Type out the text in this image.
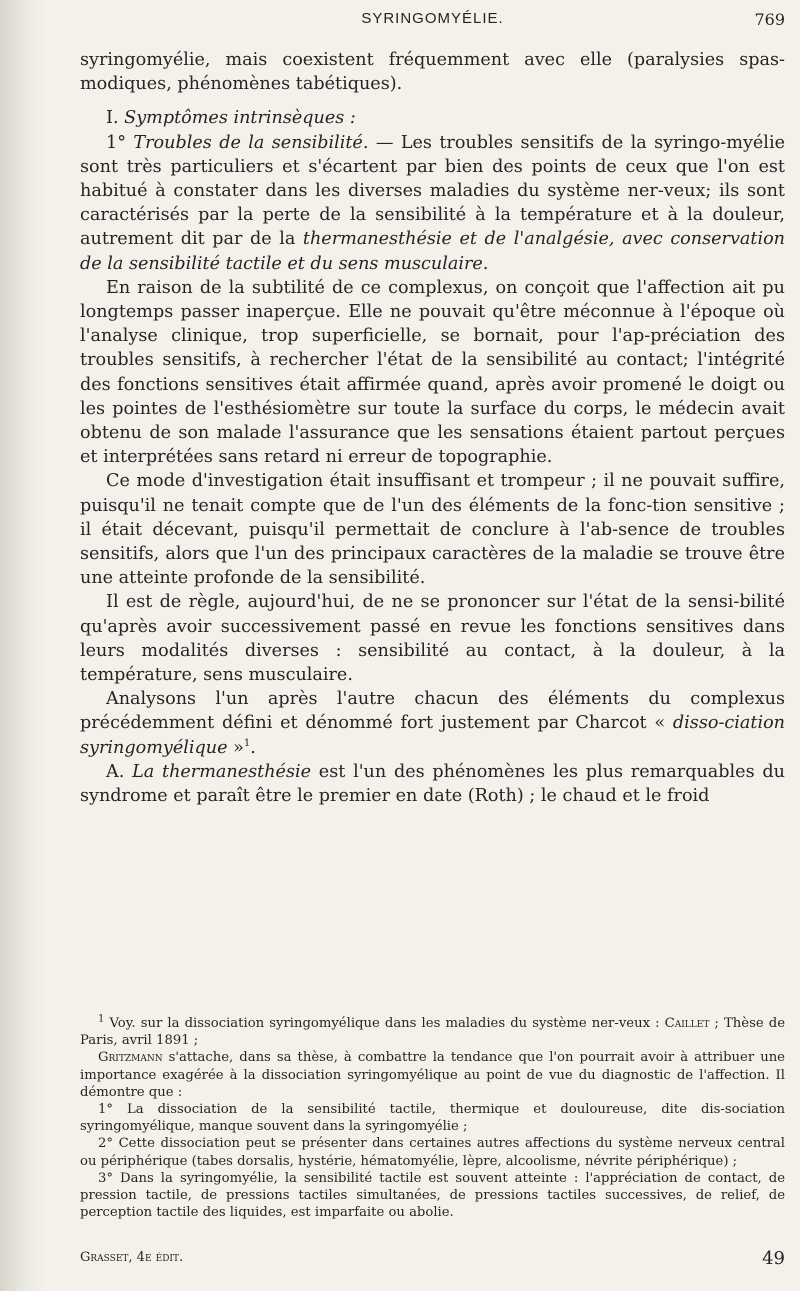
SYRINGOMYÉLIE.	769

syringomyélie, mais coexistent fréquemment avec elle (paralysies spas-modiques, phénomènes tabétiques).

I. Symptômes intrinsèques :

1° Troubles de la sensibilité. — Les troubles sensitifs de la syringo-myélie sont très particuliers et s'écartent par bien des points de ceux que l'on est habitué à constater dans les diverses maladies du système ner-veux; ils sont caractérisés par la perte de la sensibilité à la température et à la douleur, autrement dit par de la thermanesthésie et de l'analgésie, avec conservation de la sensibilité tactile et du sens musculaire.

En raison de la subtilité de ce complexus, on conçoit que l'affection ait pu longtemps passer inaperçue. Elle ne pouvait qu'être méconnue à l'époque où l'analyse clinique, trop superficielle, se bornait, pour l'ap-préciation des troubles sensitifs, à rechercher l'état de la sensibilité au contact; l'intégrité des fonctions sensitives était affirmée quand, après avoir promené le doigt ou les pointes de l'esthésiomètre sur toute la surface du corps, le médecin avait obtenu de son malade l'assurance que les sensations étaient partout perçues et interprétées sans retard ni erreur de topographie.

Ce mode d'investigation était insuffisant et trompeur ; il ne pouvait suffire, puisqu'il ne tenait compte que de l'un des éléments de la fonc-tion sensitive ; il était décevant, puisqu'il permettait de conclure à l'ab-sence de troubles sensitifs, alors que l'un des principaux caractères de la maladie se trouve être une atteinte profonde de la sensibilité.

Il est de règle, aujourd'hui, de ne se prononcer sur l'état de la sensi-bilité qu'après avoir successivement passé en revue les fonctions sensitives dans leurs modalités diverses : sensibilité au contact, à la douleur, à la température, sens musculaire.

Analysons l'un après l'autre chacun des éléments du complexus précédemment défini et dénommé fort justement par Charcot « disso-ciation syringomyélique »$^1$.

A. La thermanesthésie est l'un des phénomènes les plus remarquables du syndrome et paraît être le premier en date (Roth) ; le chaud et le froid

$^1$ Voy. sur la dissociation syringomyélique dans les maladies du système ner-veux : Caillet ; Thèse de Paris, avril 1891 ;

Gritzmann s'attache, dans sa thèse, à combattre la tendance que l'on pourrait avoir à attribuer une importance exagérée à la dissociation syringomyélique au point de vue du diagnostic de l'affection. Il démontre que :

1° La dissociation de la sensibilité tactile, thermique et douloureuse, dite dis-sociation syringomyélique, manque souvent dans la syringomyélie ;

2° Cette dissociation peut se présenter dans certaines autres affections du système nerveux central ou périphérique (tabes dorsalis, hystérie, hématomyélie, lèpre, alcoolisme, névrite périphérique) ;

3° Dans la syringomyélie, la sensibilité tactile est souvent atteinte : l'appréciation de contact, de pression tactile, de pressions tactiles simultanées, de pressions tactiles successives, de relief, de perception tactile des liquides, est imparfaite ou abolie.

Grasset, 4e édit.	49
